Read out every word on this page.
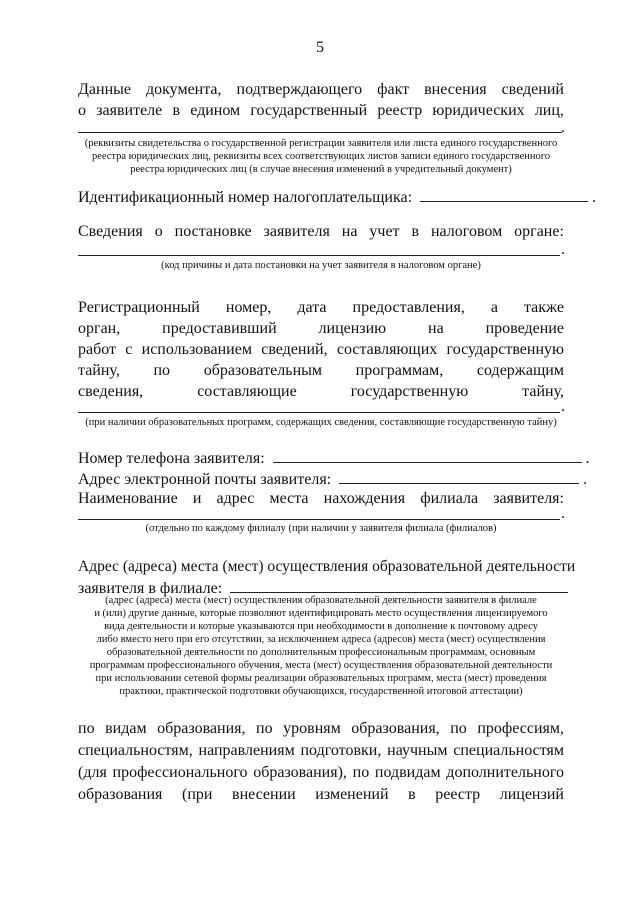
5
Данные документа, подтверждающего факт внесения сведений
о заявителе в едином государственный реестр юридических лиц,
.
(реквизиты свидетельства о государственной регистрации заявителя или листа единого государственного
реестра юридических лиц, реквизиты всех соответствующих листов записи единого государственного
реестра юридических лиц (в случае внесения изменений в учредительный документ)
Идентификационный номер налогоплательщика:	.
Сведения о постановке заявителя на учет в налоговом органе:
.
(код причины и дата постановки на учет заявителя в налоговом органе)
Регистрационный номер, дата предоставления, а также
орган,	предоставивший	лицензию	на	проведение
работ с использованием сведений, составляющих государственную
тайну, по образовательным программам, содержащим
сведения,	составляющие	государственную	тайну,
.
(при наличии образовательных программ, содержащих сведения, составляющие государственную тайну)
Номер телефона заявителя:	.
Адрес электронной почты заявителя:	.
Наименование и адрес места нахождения филиала заявителя:
.
(отдельно по каждому филиалу (при наличии у заявителя филиала (филиалов)
Адрес (адреса) места (мест) осуществления образовательной деятельности
заявителя в филиале:
(адрес (адреса) места (мест) осуществления образовательной деятельности заявителя в филиале
и (или) другие данные, которые позволяют идентифицировать место осуществления лицензируемого
вида деятельности и которые указываются при необходимости в дополнение к почтовому адресу
либо вместо него при его отсутствии, за исключением адреса (адресов) места (мест) осуществления
образовательной деятельности по дополнительным профессиональным программам, основным
программам профессионального обучения, места (мест) осуществления образовательной деятельности
при использовании сетевой формы реализации образовательных программ, места (мест) проведения
практики, практической подготовки обучающихся, государственной итоговой аттестации)
по видам образования, по уровням образования, по профессиям,
специальностям, направлениям подготовки, научным специальностям
(для профессионального образования), по подвидам дополнительного
образования (при внесении изменений в реестр лицензий
